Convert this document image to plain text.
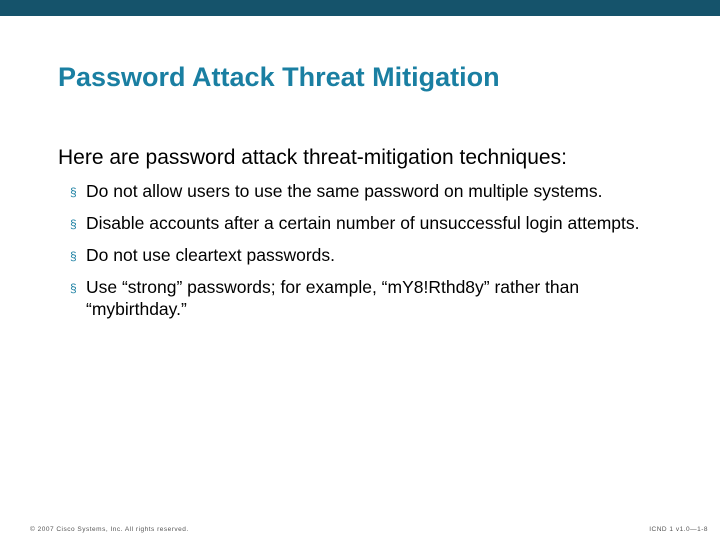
Password Attack Threat Mitigation
Here are password attack threat-mitigation techniques:
§ Do not allow users to use the same password on multiple systems.
§ Disable accounts after a certain number of unsuccessful login attempts.
§ Do not use cleartext passwords.
§ Use “strong” passwords; for example, “mY8!Rthd8y” rather than “mybirthday.”
© 2007 Cisco Systems, Inc. All rights reserved.	ICND 1 v1.0—1-8
